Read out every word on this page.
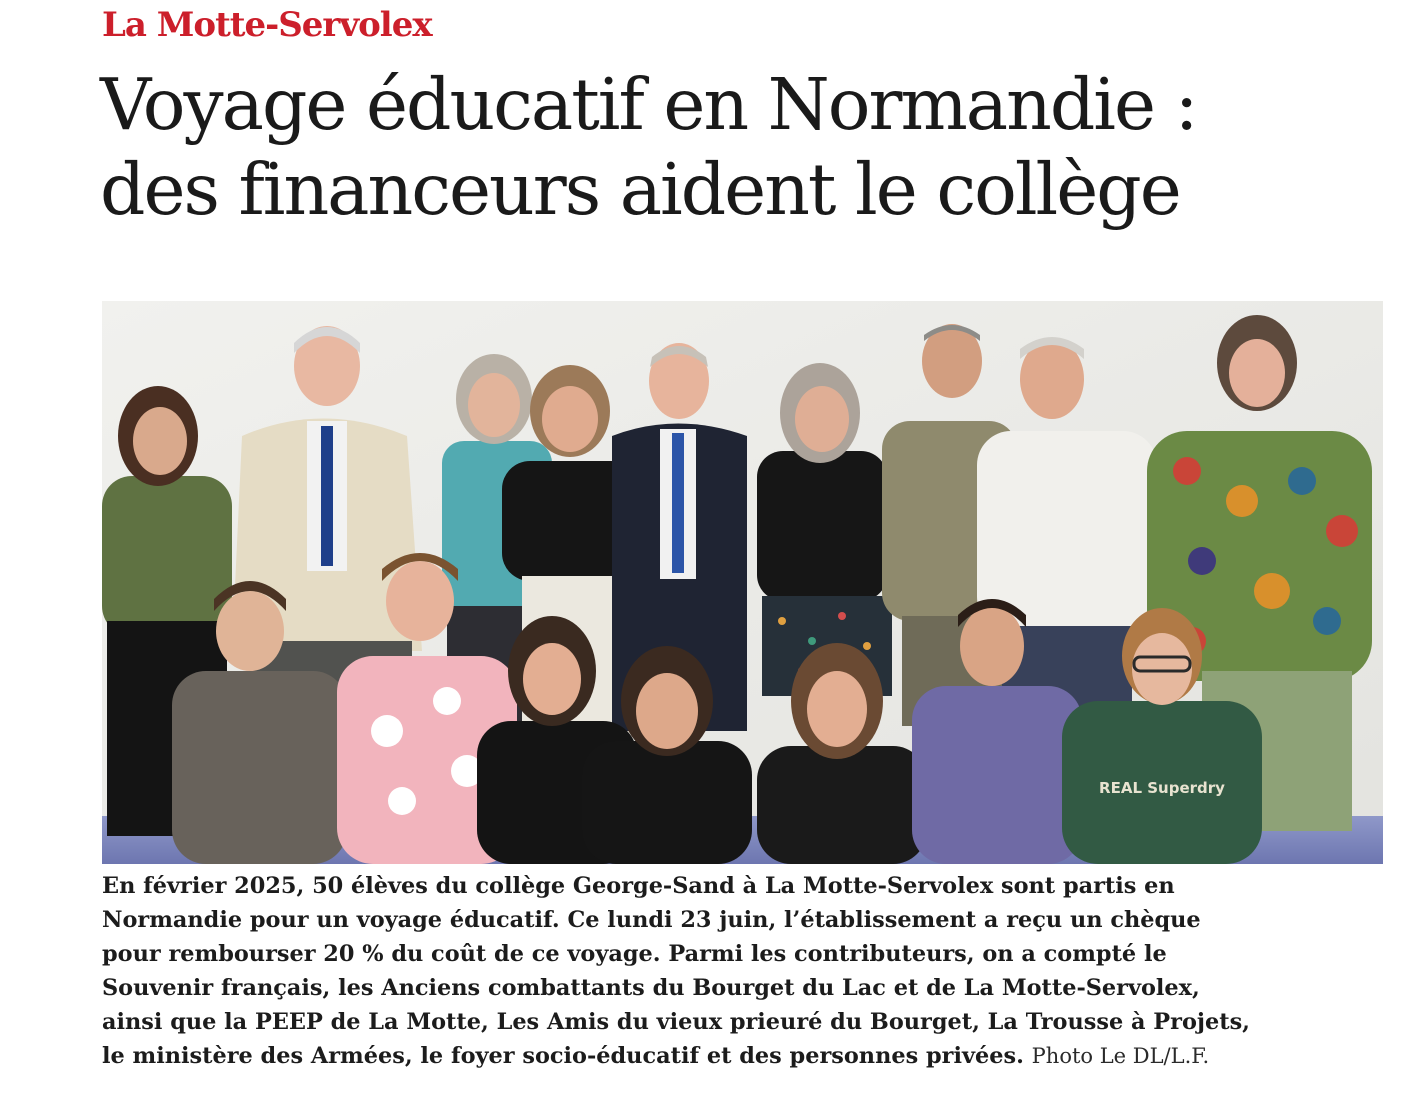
La Motte-Servolex
Voyage éducatif en Normandie :
des financeurs aident le collège
REAL Superdry

En février 2025, 50 élèves du collège George-Sand à La Motte-Servolex sont partis en
Normandie pour un voyage éducatif. Ce lundi 23 juin, l’établissement a reçu un chèque
pour rembourser 20 % du coût de ce voyage. Parmi les contributeurs, on a compté le
Souvenir français, les Anciens combattants du Bourget du Lac et de La Motte-Servolex,
ainsi que la PEEP de La Motte, Les Amis du vieux prieuré du Bourget, La Trousse à Projets,
le ministère des Armées, le foyer socio-éducatif et des personnes privées. Photo Le DL/L.F.
